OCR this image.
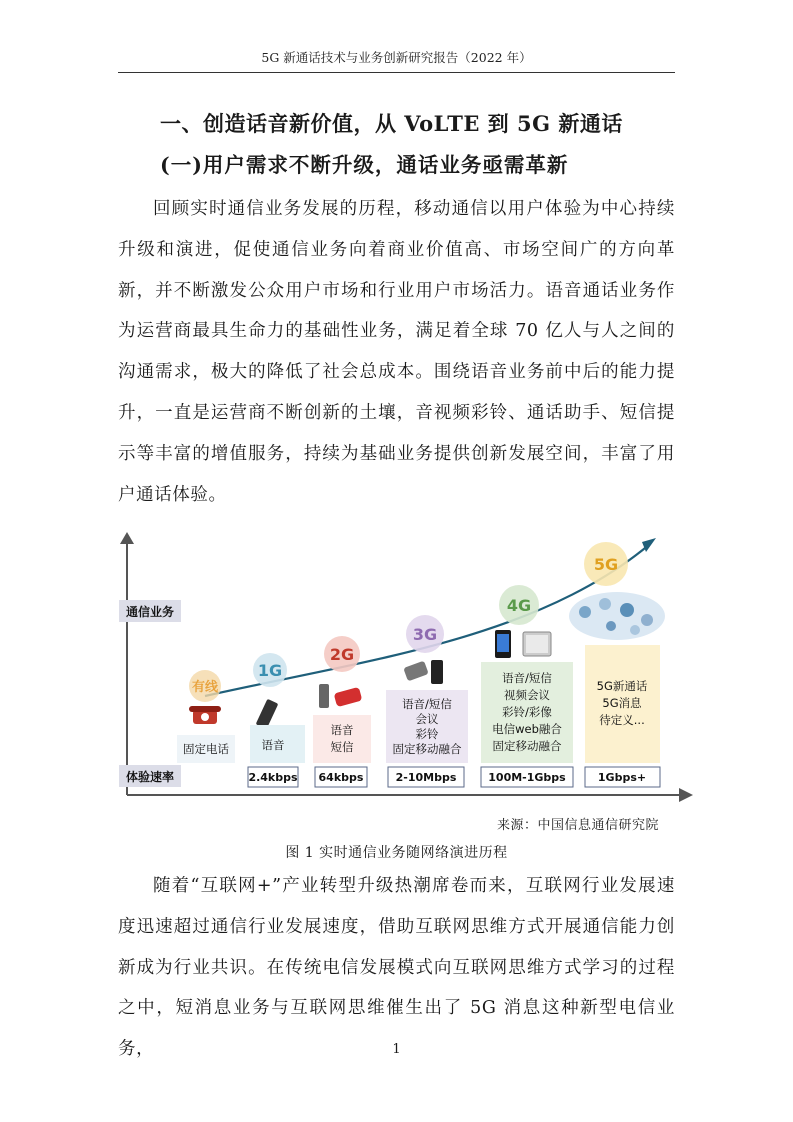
5G 新通话技术与业务创新研究报告（2022 年）
一、创造话音新价值，从 VoLTE 到 5G 新通话
(一)用户需求不断升级，通话业务亟需革新
回顾实时通信业务发展的历程，移动通信以用户体验为中心持续升级和演进，促使通信业务向着商业价值高、市场空间广的方向革新，并不断激发公众用户市场和行业用户市场活力。语音通话业务作为运营商最具生命力的基础性业务，满足着全球 70 亿人与人之间的沟通需求，极大的降低了社会总成本。围绕语音业务前中后的能力提升，一直是运营商不断创新的土壤，音视频彩铃、通话助手、短信提示等丰富的增值服务，持续为基础业务提供创新发展空间，丰富了用户通话体验。
通信业务
体验速率
有线
固定电话
1G
语音
2.4kbps
2G
语音
短信
64kbps
3G
语音/短信
会议
彩铃
固定移动融合
2-10Mbps
4G
语音/短信
视频会议
彩铃/彩像
电信web融合
固定移动融合
100M-1Gbps
5G
5G新通话
5G消息
待定义...
1Gbps+
来源：中国信息通信研究院
图 1 实时通信业务随网络演进历程
随着“互联网+”产业转型升级热潮席卷而来，互联网行业发展速度迅速超过通信行业发展速度，借助互联网思维方式开展通信能力创新成为行业共识。在传统电信发展模式向互联网思维方式学习的过程之中，短消息业务与互联网思维催生出了 5G 消息这种新型电信业务，	1
